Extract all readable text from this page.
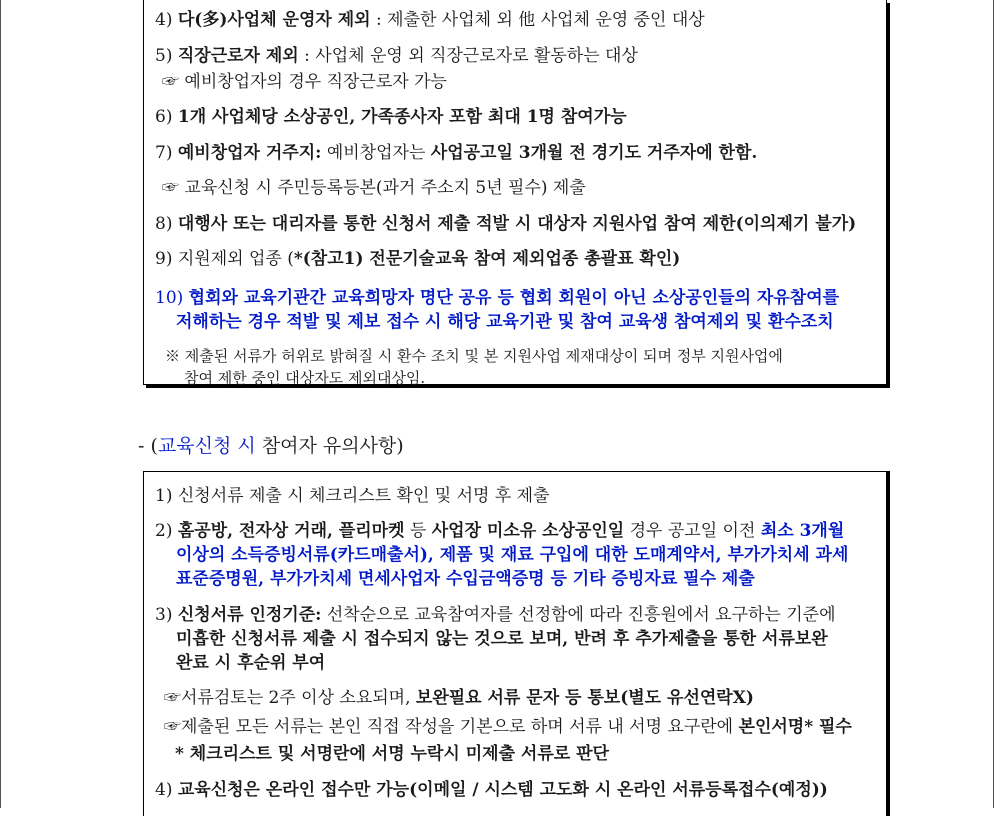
4) 다(多)사업체 운영자 제외 : 제출한 사업체 외 他 사업체 운영 중인 대상
5) 직장근로자 제외 : 사업체 운영 외 직장근로자로 활동하는 대상
☞ 예비창업자의 경우 직장근로자 가능
6) 1개 사업체당 소상공인, 가족종사자 포함 최대 1명 참여가능
7) 예비창업자 거주지: 예비창업자는 사업공고일 3개월 전 경기도 거주자에 한함.
☞ 교육신청 시 주민등록등본(과거 주소지 5년 필수) 제출
8) 대행사 또는 대리자를 통한 신청서 제출 적발 시 대상자 지원사업 참여 제한(이의제기 불가)
9) 지원제외 업종 (*(참고1) 전문기술교육 참여 제외업종 총괄표 확인)
10) 협회와 교육기관간 교육희망자 명단 공유 등 협회 회원이 아닌 소상공인들의 자유참여를
저해하는 경우 적발 및 제보 접수 시 해당 교육기관 및 참여 교육생 참여제외 및 환수조치
※ 제출된 서류가 허위로 밝혀질 시 환수 조치 및 본 지원사업 제재대상이 되며 정부 지원사업에
참여 제한 중인 대상자도 제외대상임.
- (교육신청 시 참여자 유의사항)
1) 신청서류 제출 시 체크리스트 확인 및 서명 후 제출
2) 홈공방, 전자상 거래, 플리마켓 등 사업장 미소유 소상공인일 경우 공고일 이전 최소 3개월
이상의 소득증빙서류(카드매출서), 제품 및 재료 구입에 대한 도매계약서, 부가가치세 과세
표준증명원, 부가가치세 면세사업자 수입금액증명 등 기타 증빙자료 필수 제출
3) 신청서류 인정기준: 선착순으로 교육참여자를 선정함에 따라 진흥원에서 요구하는 기준에
미흡한 신청서류 제출 시 접수되지 않는 것으로 보며, 반려 후 추가제출을 통한 서류보완
완료 시 후순위 부여
☞서류검토는 2주 이상 소요되며, 보완필요 서류 문자 등 통보(별도 유선연락X)
☞제출된 모든 서류는 본인 직접 작성을 기본으로 하며 서류 내 서명 요구란에 본인서명* 필수
* 체크리스트 및 서명란에 서명 누락시 미제출 서류로 판단
4) 교육신청은 온라인 접수만 가능(이메일 / 시스템 고도화 시 온라인 서류등록접수(예정))
